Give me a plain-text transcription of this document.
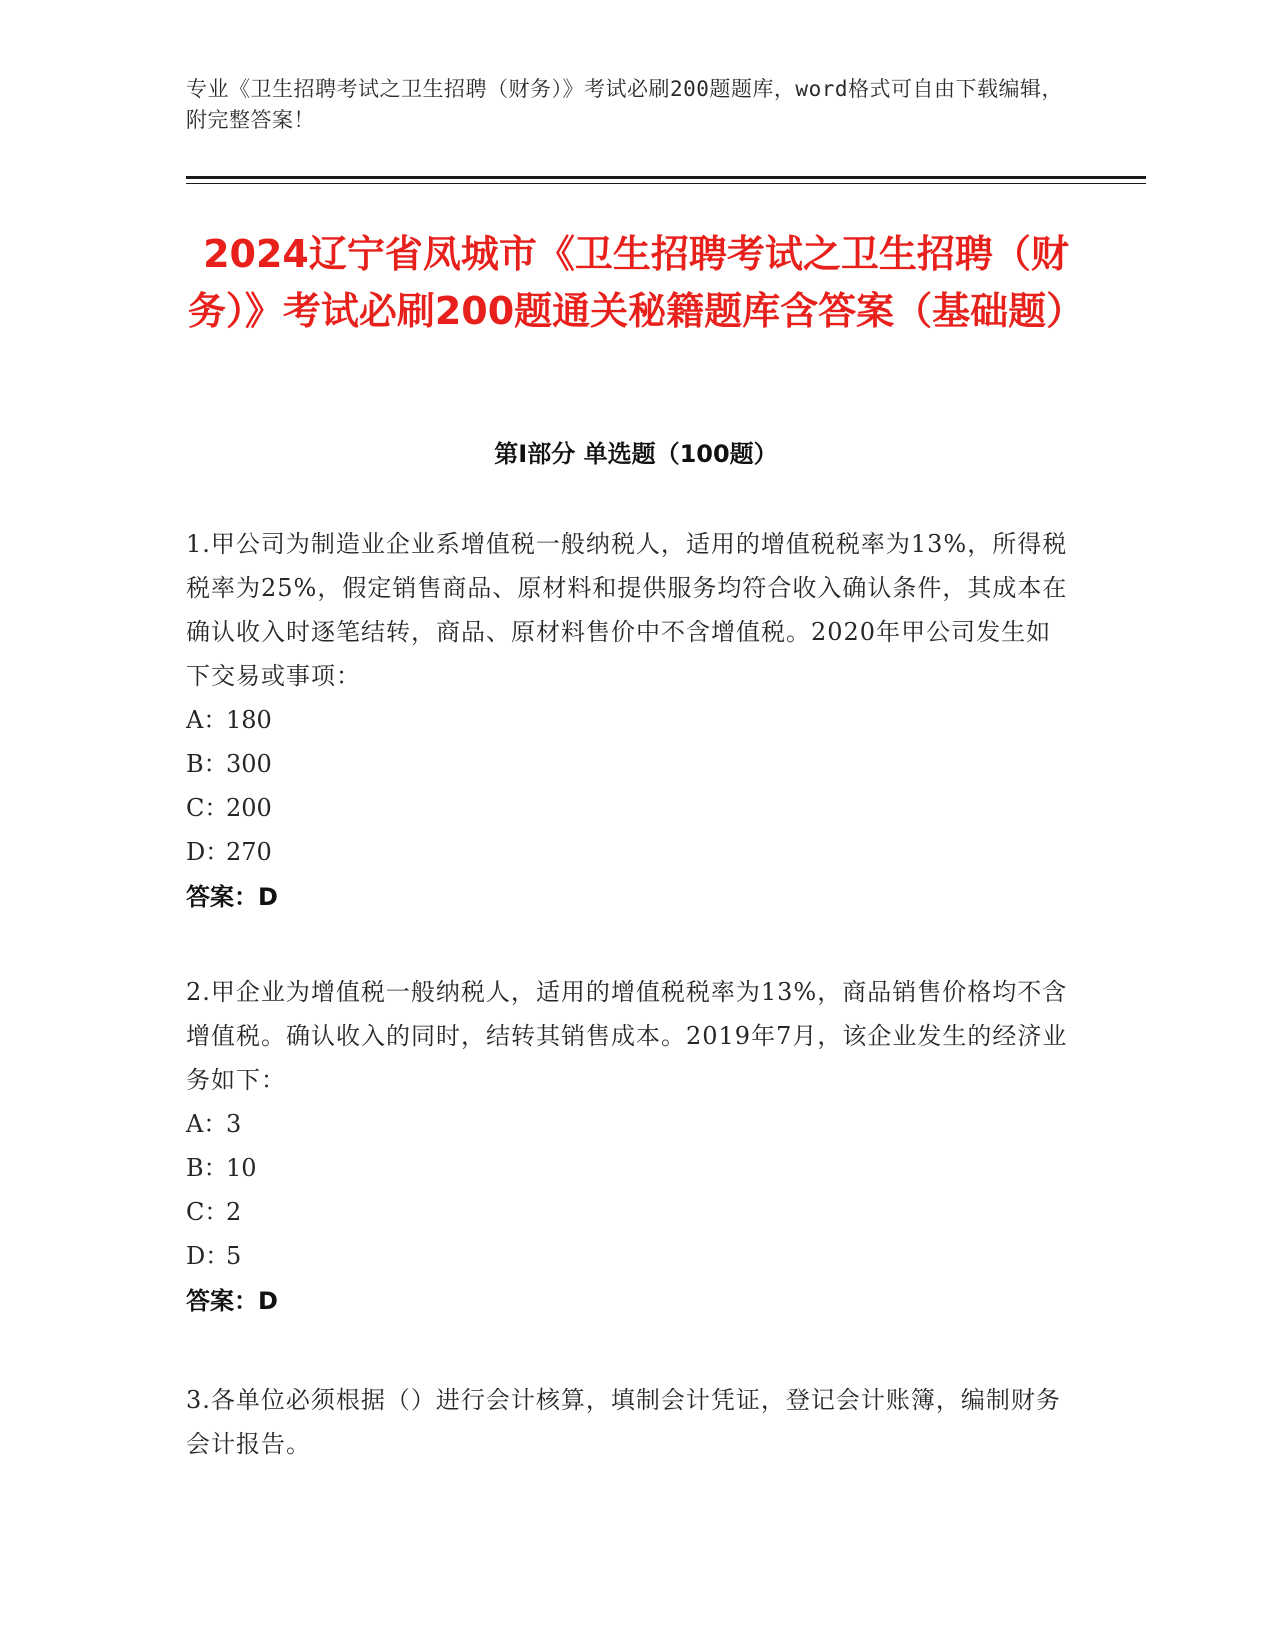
专业《卫生招聘考试之卫生招聘（财务）》考试必刷200题题库，word格式可自由下载编辑，附完整答案！
2024辽宁省凤城市《卫生招聘考试之卫生招聘（财务）》考试必刷200题通关秘籍题库含答案（基础题）
第Ⅰ部分 单选题（100题）
1.甲公司为制造业企业系增值税一般纳税人，适用的增值税税率为13%，所得税税率为25%，假定销售商品、原材料和提供服务均符合收入确认条件，其成本在确认收入时逐笔结转，商品、原材料售价中不含增值税。2020年甲公司发生如下交易或事项：
A：180
B：300
C：200
D：270
答案：D
2.甲企业为增值税一般纳税人，适用的增值税税率为13%，商品销售价格均不含增值税。确认收入的同时，结转其销售成本。2019年7月，该企业发生的经济业务如下：
A：3
B：10
C：2
D：5
答案：D
3.各单位必须根据（）进行会计核算，填制会计凭证，登记会计账簿，编制财务会计报告。
